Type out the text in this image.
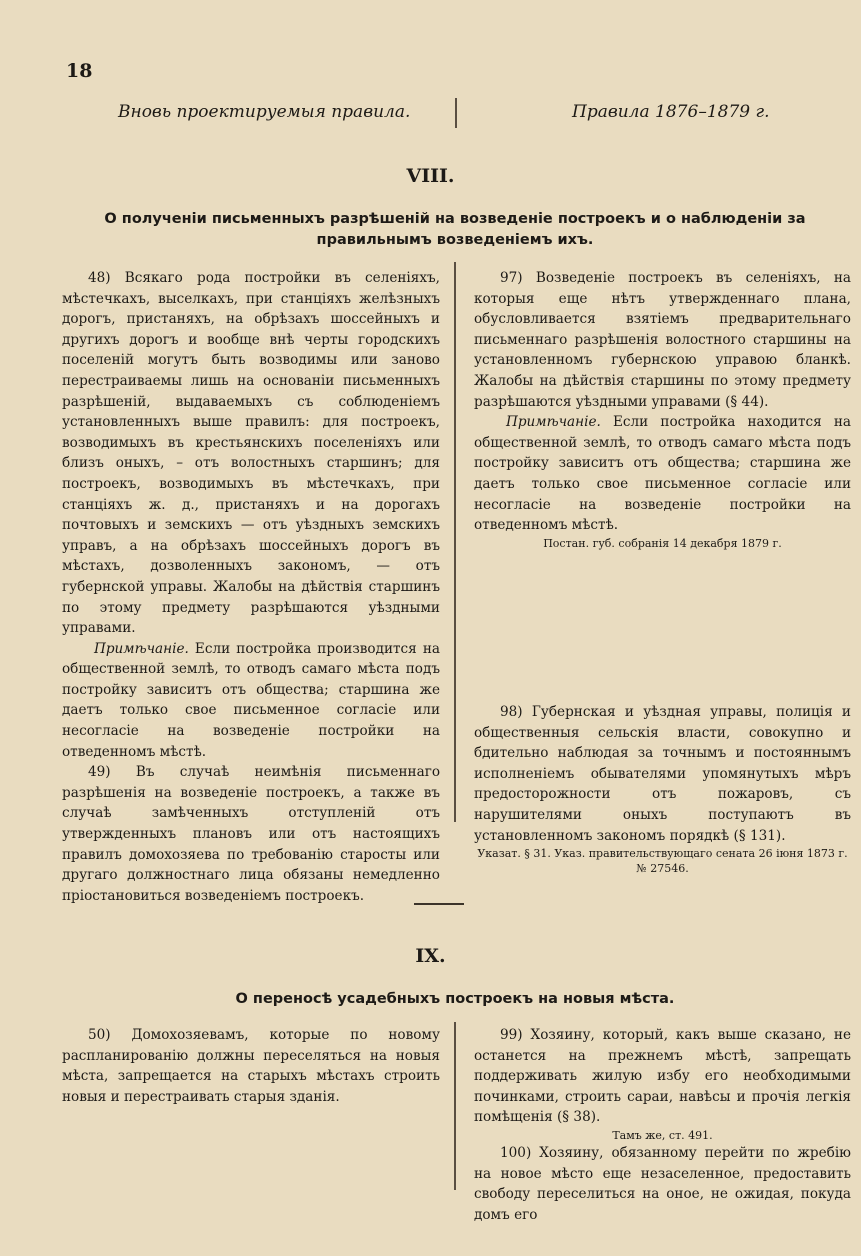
18
Вновь проектируемыя правила.	Правила 1876–1879 г.
VIII.
О полученіи письменныхъ разрѣшеній на возведеніе построекъ и о наблюденіи за правильнымъ возведеніемъ ихъ.

48) Всякаго рода постройки въ селеніяхъ, мѣстечкахъ, выселкахъ, при станціяхъ желѣзныхъ дорогъ, пристаняхъ, на обрѣзахъ шоссейныхъ и другихъ дорогъ и вообще внѣ черты городскихъ поселеній могутъ быть возводимы или заново перестраиваемы лишь на основаніи письменныхъ разрѣшеній, выдаваемыхъ съ соблюденіемъ установленныхъ выше правилъ: для построекъ, возводимыхъ въ крестьянскихъ поселеніяхъ или близъ оныхъ, – отъ волостныхъ старшинъ; для построекъ, возводимыхъ въ мѣстечкахъ, при станціяхъ ж. д., пристаняхъ и на дорогахъ почтовыхъ и земскихъ — отъ уѣздныхъ земскихъ управъ, а на обрѣзахъ шоссейныхъ дорогъ въ мѣстахъ, дозволенныхъ закономъ, — отъ губернской управы. Жалобы на дѣйствія старшинъ по этому предмету разрѣшаются уѣздными управами.

Примѣчаніе. Если постройка производится на общественной землѣ, то отводъ самаго мѣста подъ постройку зависитъ отъ общества; старшина же даетъ только свое письменное согласіе или несогласіе на возведеніе постройки на отведенномъ мѣстѣ.

49) Въ случаѣ неимѣнія письменнаго разрѣшенія на возведеніе построекъ, а также въ случаѣ замѣченныхъ отступленій отъ утвержденныхъ плановъ или отъ настоящихъ правилъ домохозяева по требованію старосты или другаго должностнаго лица обязаны немедленно пріостановиться возведеніемъ построекъ.

97) Возведеніе построекъ въ селеніяхъ, на которыя еще нѣтъ утвержденнаго плана, обусловливается взятіемъ предварительнаго письменнаго разрѣшенія волостного старшины на установленномъ губернскою управою бланкѣ. Жалобы на дѣйствія старшины по этому предмету разрѣшаются уѣздными управами (§ 44).

Примѣчаніе. Если постройка находится на общественной землѣ, то отводъ самаго мѣста подъ постройку зависитъ отъ общества; старшина же даетъ только свое письменное согласіе или несогласіе на возведеніе постройки на отведенномъ мѣстѣ.

Постан. губ. собранія 14 декабря 1879 г.

98) Губернская и уѣздная управы, полиція и общественныя сельскія власти, совокупно и бдительно наблюдая за точнымъ и постояннымъ исполненіемъ обывателями упомянутыхъ мѣръ предосторожности отъ пожаровъ, съ нарушителями оныхъ поступаютъ въ установленномъ закономъ порядкѣ (§ 131).

Указат. § 31. Указ. правительствующаго сената 26 іюня 1873 г. № 27546.

IX.
О переносѣ усадебныхъ построекъ на новыя мѣста.

50) Домохозяевамъ, которые по новому распланированію должны переселяться на новыя мѣста, запрещается на старыхъ мѣстахъ строить новыя и перестраивать старыя зданія.

99) Хозяину, который, какъ выше сказано, не останется на прежнемъ мѣстѣ, запрещать поддерживать жилую избу его необходимыми починками, строить сараи, навѣсы и прочія легкія помѣщенія (§ 38).

Тамъ же, ст. 491.

100) Хозяину, обязанному перейти по жребію на новое мѣсто еще незаселенное, предоставить свободу переселиться на оное, не ожидая, покуда домъ его
